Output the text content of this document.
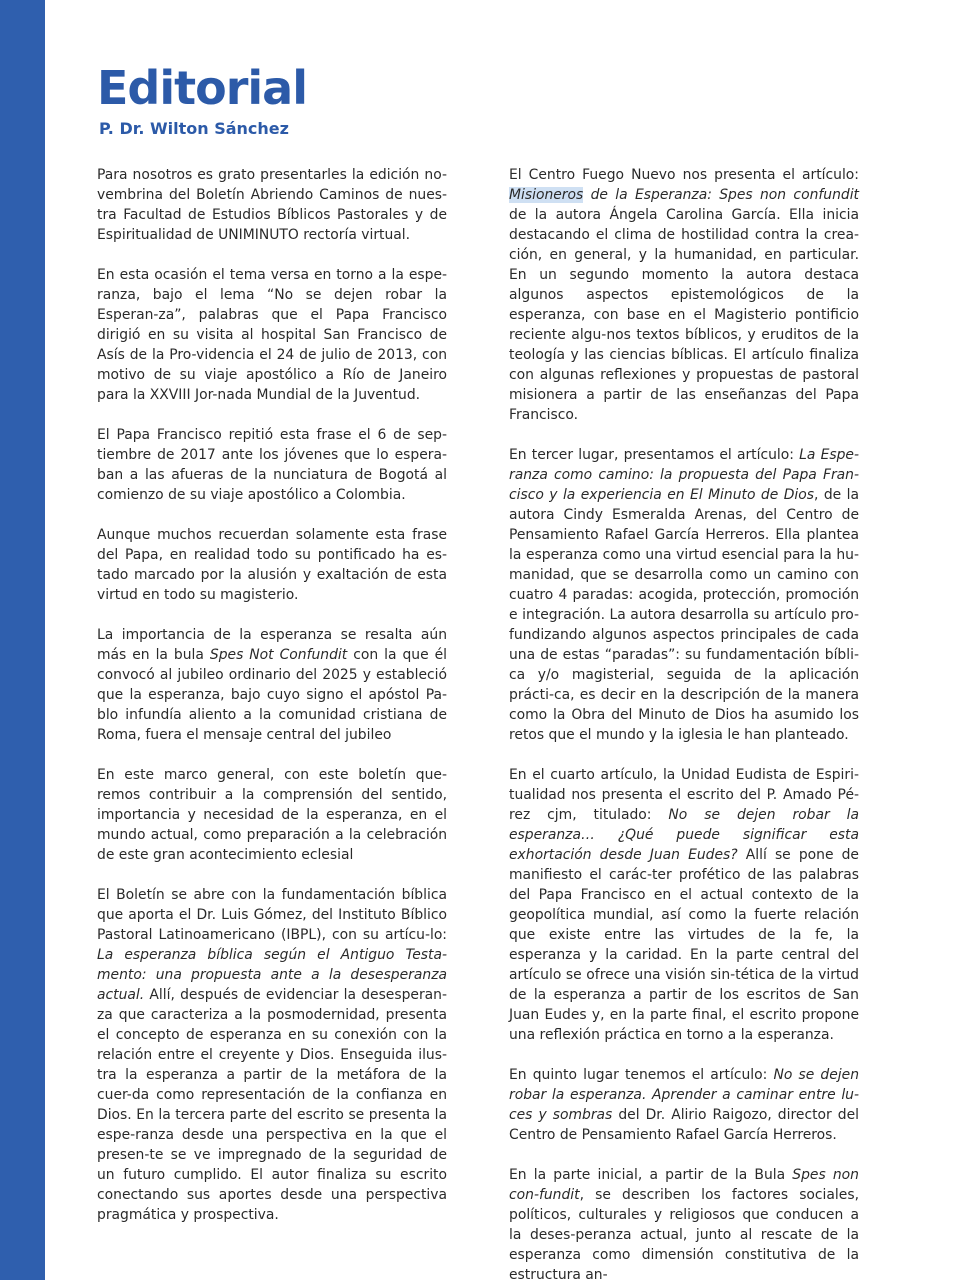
Editorial

P. Dr. Wilton Sánchez

Para nosotros es grato presentarles la edición no-vembrina del Boletín Abriendo Caminos de nues-tra Facultad de Estudios Bíblicos Pastorales y de Espiritualidad de UNIMINUTO rectoría virtual.

En esta ocasión el tema versa en torno a la espe-ranza, bajo el lema “No se dejen robar la Esperan-za”, palabras que el Papa Francisco dirigió en su visita al hospital San Francisco de Asís de la Pro-videncia el 24 de julio de 2013, con motivo de su viaje apostólico a Río de Janeiro para la XXVIII Jor-nada Mundial de la Juventud.

El Papa Francisco repitió esta frase el 6 de sep-tiembre de 2017 ante los jóvenes que lo espera-ban a las afueras de la nunciatura de Bogotá al comienzo de su viaje apostólico a Colombia.

Aunque muchos recuerdan solamente esta frase del Papa, en realidad todo su pontificado ha es-tado marcado por la alusión y exaltación de esta virtud en todo su magisterio.

La importancia de la esperanza se resalta aún más en la bula Spes Not Confundit con la que él convocó al jubileo ordinario del 2025 y estableció que la esperanza, bajo cuyo signo el apóstol Pa-blo infundía aliento a la comunidad cristiana de Roma, fuera el mensaje central del jubileo

En este marco general, con este boletín que-remos contribuir a la comprensión del sentido, importancia y necesidad de la esperanza, en el mundo actual, como preparación a la celebración de este gran acontecimiento eclesial

El Boletín se abre con la fundamentación bíblica que aporta el Dr. Luis Gómez, del Instituto Bíblico Pastoral Latinoamericano (IBPL), con su artícu-lo: La esperanza bíblica según el Antiguo Testa-mento: una propuesta ante a la desesperanza actual. Allí, después de evidenciar la desesperan-za que caracteriza a la posmodernidad, presenta el concepto de esperanza en su conexión con la relación entre el creyente y Dios. Enseguida ilus-tra la esperanza a partir de la metáfora de la cuer-da como representación de la confianza en Dios. En la tercera parte del escrito se presenta la espe-ranza desde una perspectiva en la que el presen-te se ve impregnado de la seguridad de un futuro cumplido. El autor finaliza su escrito conectando sus aportes desde una perspectiva pragmática y prospectiva.

El Centro Fuego Nuevo nos presenta el artículo: Misioneros de la Esperanza: Spes non confundit de la autora Ángela Carolina García. Ella inicia destacando el clima de hostilidad contra la crea-ción, en general, y la humanidad, en particular. En un segundo momento la autora destaca algunos aspectos epistemológicos de la esperanza, con base en el Magisterio pontificio reciente algu-nos textos bíblicos, y eruditos de la teología y las ciencias bíblicas. El artículo finaliza con algunas reflexiones y propuestas de pastoral misionera a partir de las enseñanzas del Papa Francisco.

En tercer lugar, presentamos el artículo: La Espe-ranza como camino: la propuesta del Papa Fran-cisco y la experiencia en El Minuto de Dios, de la autora Cindy Esmeralda Arenas, del Centro de Pensamiento Rafael García Herreros. Ella plantea la esperanza como una virtud esencial para la hu-manidad, que se desarrolla como un camino con cuatro 4 paradas: acogida, protección, promoción e integración. La autora desarrolla su artículo pro-fundizando algunos aspectos principales de cada una de estas “paradas”: su fundamentación bíbli-ca y/o magisterial, seguida de la aplicación prácti-ca, es decir en la descripción de la manera como la Obra del Minuto de Dios ha asumido los retos que el mundo y la iglesia le han planteado.

En el cuarto artículo, la Unidad Eudista de Espiri-tualidad nos presenta el escrito del P. Amado Pé-rez cjm, titulado: No se dejen robar la esperanza… ¿Qué puede significar esta exhortación desde Juan Eudes? Allí se pone de manifiesto el carác-ter profético de las palabras del Papa Francisco en el actual contexto de la geopolítica mundial, así como la fuerte relación que existe entre las virtudes de la fe, la esperanza y la caridad. En la parte central del artículo se ofrece una visión sin-tética de la virtud de la esperanza a partir de los escritos de San Juan Eudes y, en la parte final, el escrito propone una reflexión práctica en torno a la esperanza.

En quinto lugar tenemos el artículo: No se dejen robar la esperanza. Aprender a caminar entre lu-ces y sombras del Dr. Alirio Raigozo, director del Centro de Pensamiento Rafael García Herreros.

En la parte inicial, a partir de la Bula Spes non con-fundit, se describen los factores sociales, políticos, culturales y religiosos que conducen a la deses-peranza actual, junto al rescate de la esperanza como dimensión constitutiva de la estructura an-
